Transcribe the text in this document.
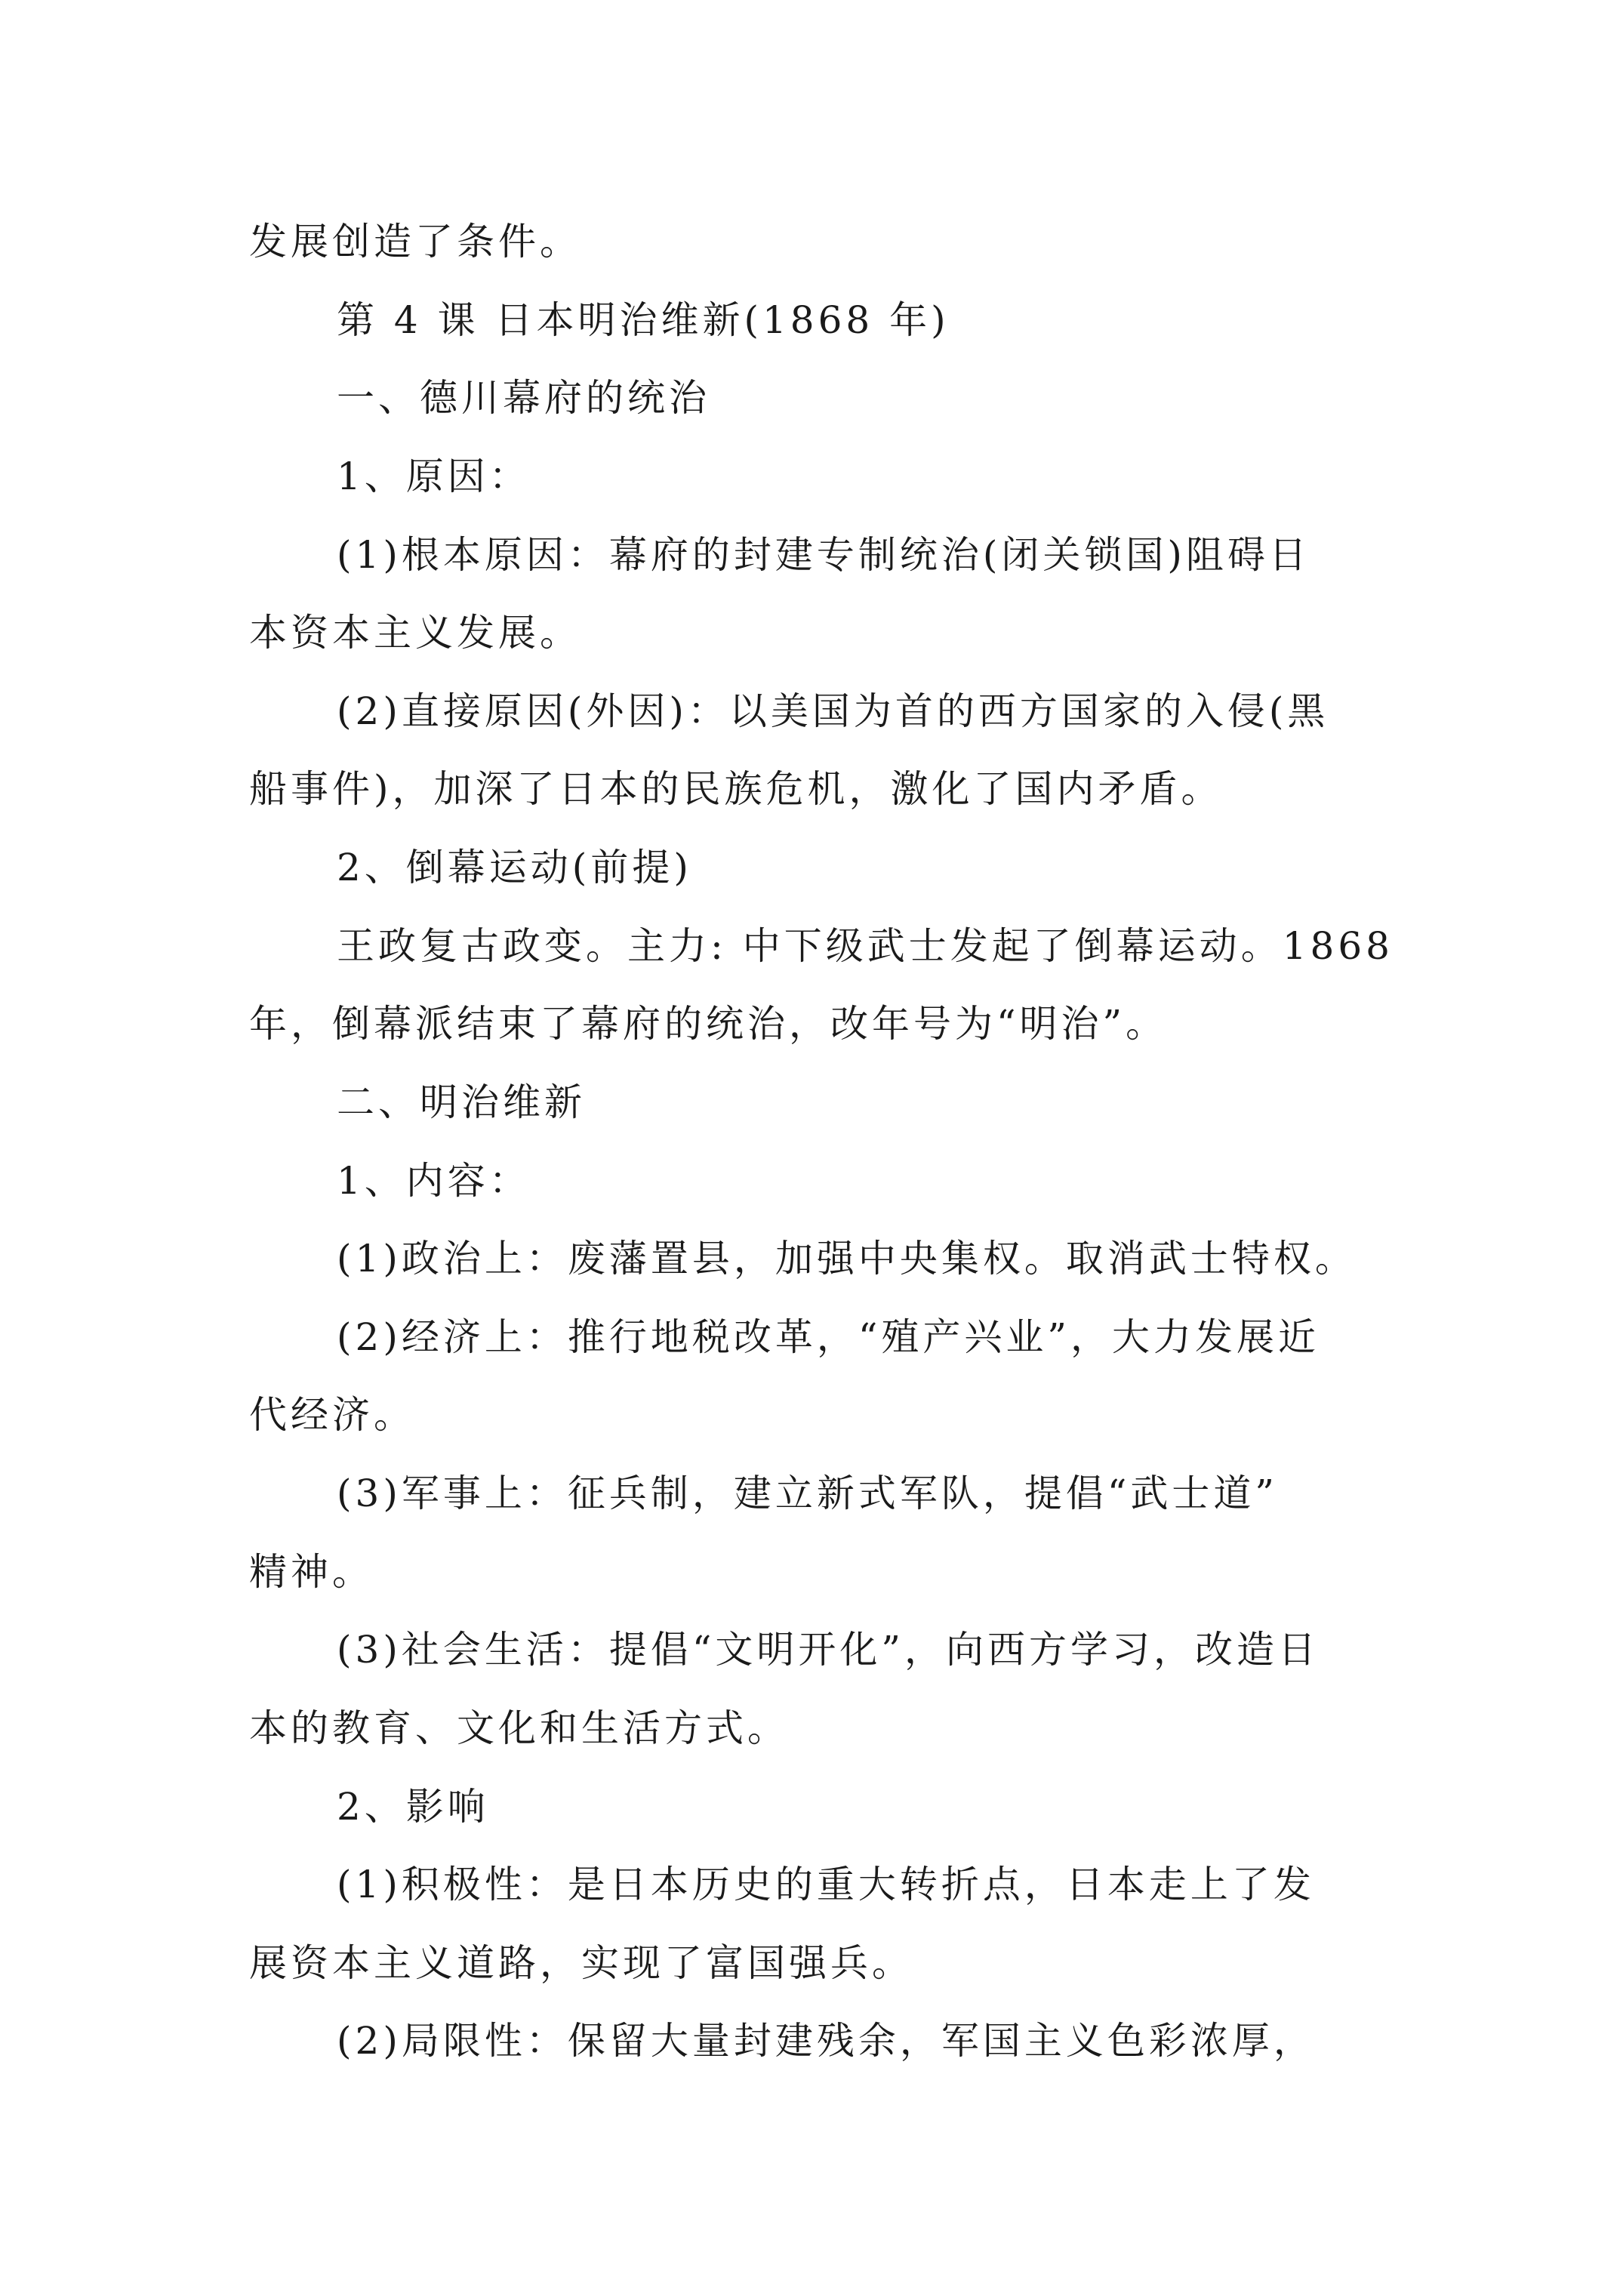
发展创造了条件。

第 4 课 日本明治维新(1868 年)

一、德川幕府的统治

1、原因：

(1)根本原因：幕府的封建专制统治(闭关锁国)阻碍日

本资本主义发展。

(2)直接原因(外因)：以美国为首的西方国家的入侵(黑

船事件)，加深了日本的民族危机，激化了国内矛盾。

2、倒幕运动(前提)

王政复古政变。主力: 中下级武士发起了倒幕运动。1868

年，倒幕派结束了幕府的统治，改年号为“明治”。

二、明治维新

1、内容：

(1)政治上：废藩置县，加强中央集权。取消武士特权。

(2)经济上：推行地税改革，“殖产兴业”，大力发展近

代经济。

(3)军事上：征兵制，建立新式军队，提倡“武士道”

精神。

(3)社会生活：提倡“文明开化”，向西方学习，改造日

本的教育、文化和生活方式。

2、影响

(1)积极性：是日本历史的重大转折点，日本走上了发

展资本主义道路，实现了富国强兵。

(2)局限性：保留大量封建残余，军国主义色彩浓厚，
